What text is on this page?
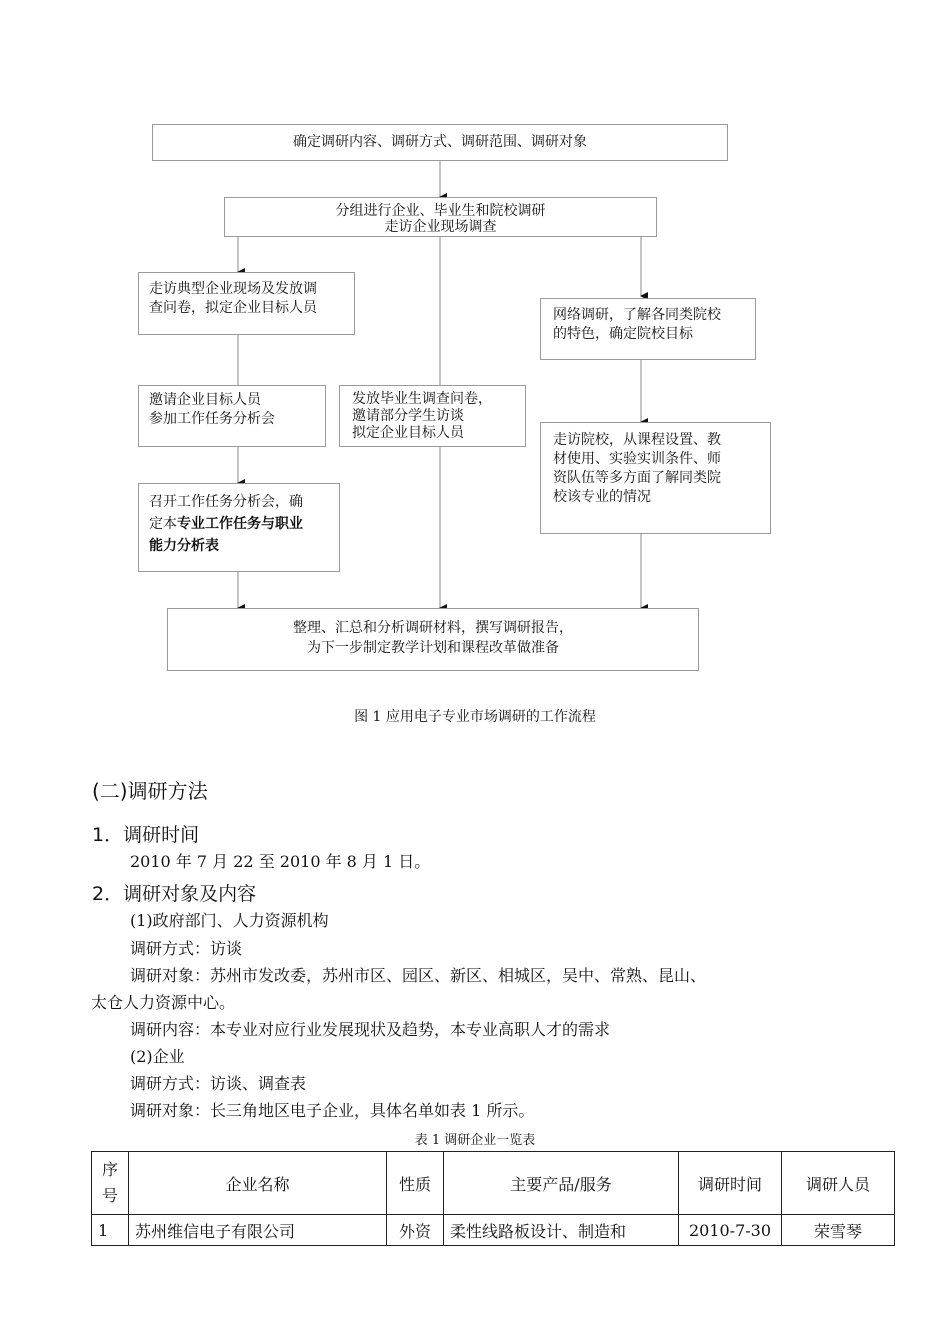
确定调研内容、调研方式、调研范围、调研对象
分组进行企业、毕业生和院校调研
走访企业现场调查
走访典型企业现场及发放调
查问卷，拟定企业目标人员
邀请企业目标人员
参加工作任务分析会
召开工作任务分析会，确
定本专业工作任务与职业
能力分析表
发放毕业生调查问卷，
邀请部分学生访谈
拟定企业目标人员
网络调研，了解各同类院校
的特色，确定院校目标
走访院校，从课程设置、教
材使用、实验实训条件、师
资队伍等多方面了解同类院
校该专业的情况
整理、汇总和分析调研材料，撰写调研报告，
为下一步制定教学计划和课程改革做准备
图 1 应用电子专业市场调研的工作流程
(二)调研方法
1．调研时间
2010 年 7 月 22 至 2010 年 8 月 1 日。
2．调研对象及内容
(1)政府部门、人力资源机构
调研方式：访谈
调研对象：苏州市发改委，苏州市区、园区、新区、相城区，吴中、常熟、昆山、
太仓人力资源中心。
调研内容：本专业对应行业发展现状及趋势，本专业高职人才的需求
(2)企业
调研方式：访谈、调查表
调研对象：长三角地区电子企业，具体名单如表 1 所示。
表 1 调研企业一览表
序
号	企业名称	性质	主要产品/服务	调研时间	调研人员
1	苏州维信电子有限公司	外资	柔性线路板设计、制造和	2010-7-30	荣雪琴
